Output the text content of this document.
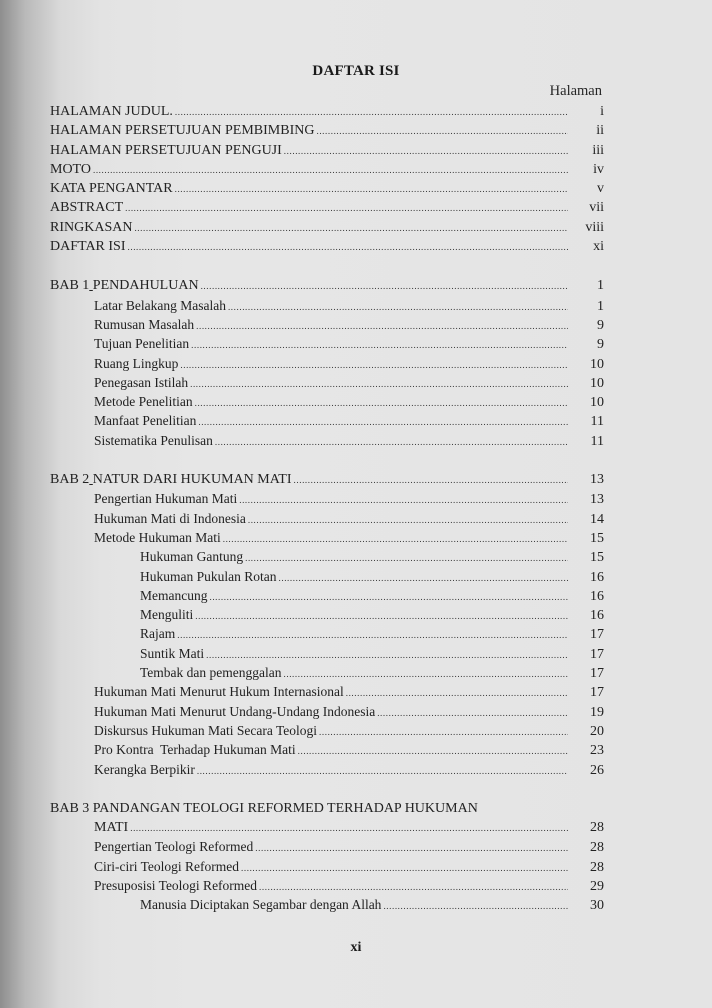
DAFTAR ISI
Halaman
HALAMAN JUDUL. .....	i
HALAMAN PERSETUJUAN PEMBIMBING .....	ii
HALAMAN PERSETUJUAN PENGUJI .....	iii
MOTO .....	iv
KATA PENGANTAR .....	v
ABSTRACT .....	vii
RINGKASAN .....	viii
DAFTAR ISI .....	xi
BAB 1 PENDAHULUAN .....	1
Latar Belakang Masalah .....	1
Rumusan Masalah .....	9
Tujuan Penelitian .....	9
Ruang Lingkup .....	10
Penegasan Istilah .....	10
Metode Penelitian .....	10
Manfaat Penelitian .....	11
Sistematika Penulisan .....	11
BAB 2 NATUR DARI HUKUMAN MATI .....	13
Pengertian Hukuman Mati .....	13
Hukuman Mati di Indonesia .....	14
Metode Hukuman Mati .....	15
Hukuman Gantung .....	15
Hukuman Pukulan Rotan .....	16
Memancung .....	16
Menguliti .....	16
Rajam .....	17
Suntik Mati .....	17
Tembak dan pemenggalan .....	17
Hukuman Mati Menurut Hukum Internasional .....	17
Hukuman Mati Menurut Undang-Undang Indonesia .....	19
Diskursus Hukuman Mati Secara Teologi .....	20
Pro Kontra  Terhadap Hukuman Mati .....	23
Kerangka Berpikir .....	26
BAB 3 PANDANGAN TEOLOGI REFORMED TERHADAP HUKUMAN
MATI .....	28
Pengertian Teologi Reformed .....	28
Ciri-ciri Teologi Reformed .....	28
Presuposisi Teologi Reformed .....	29
Manusia Diciptakan Segambar dengan Allah .....	30
xi
